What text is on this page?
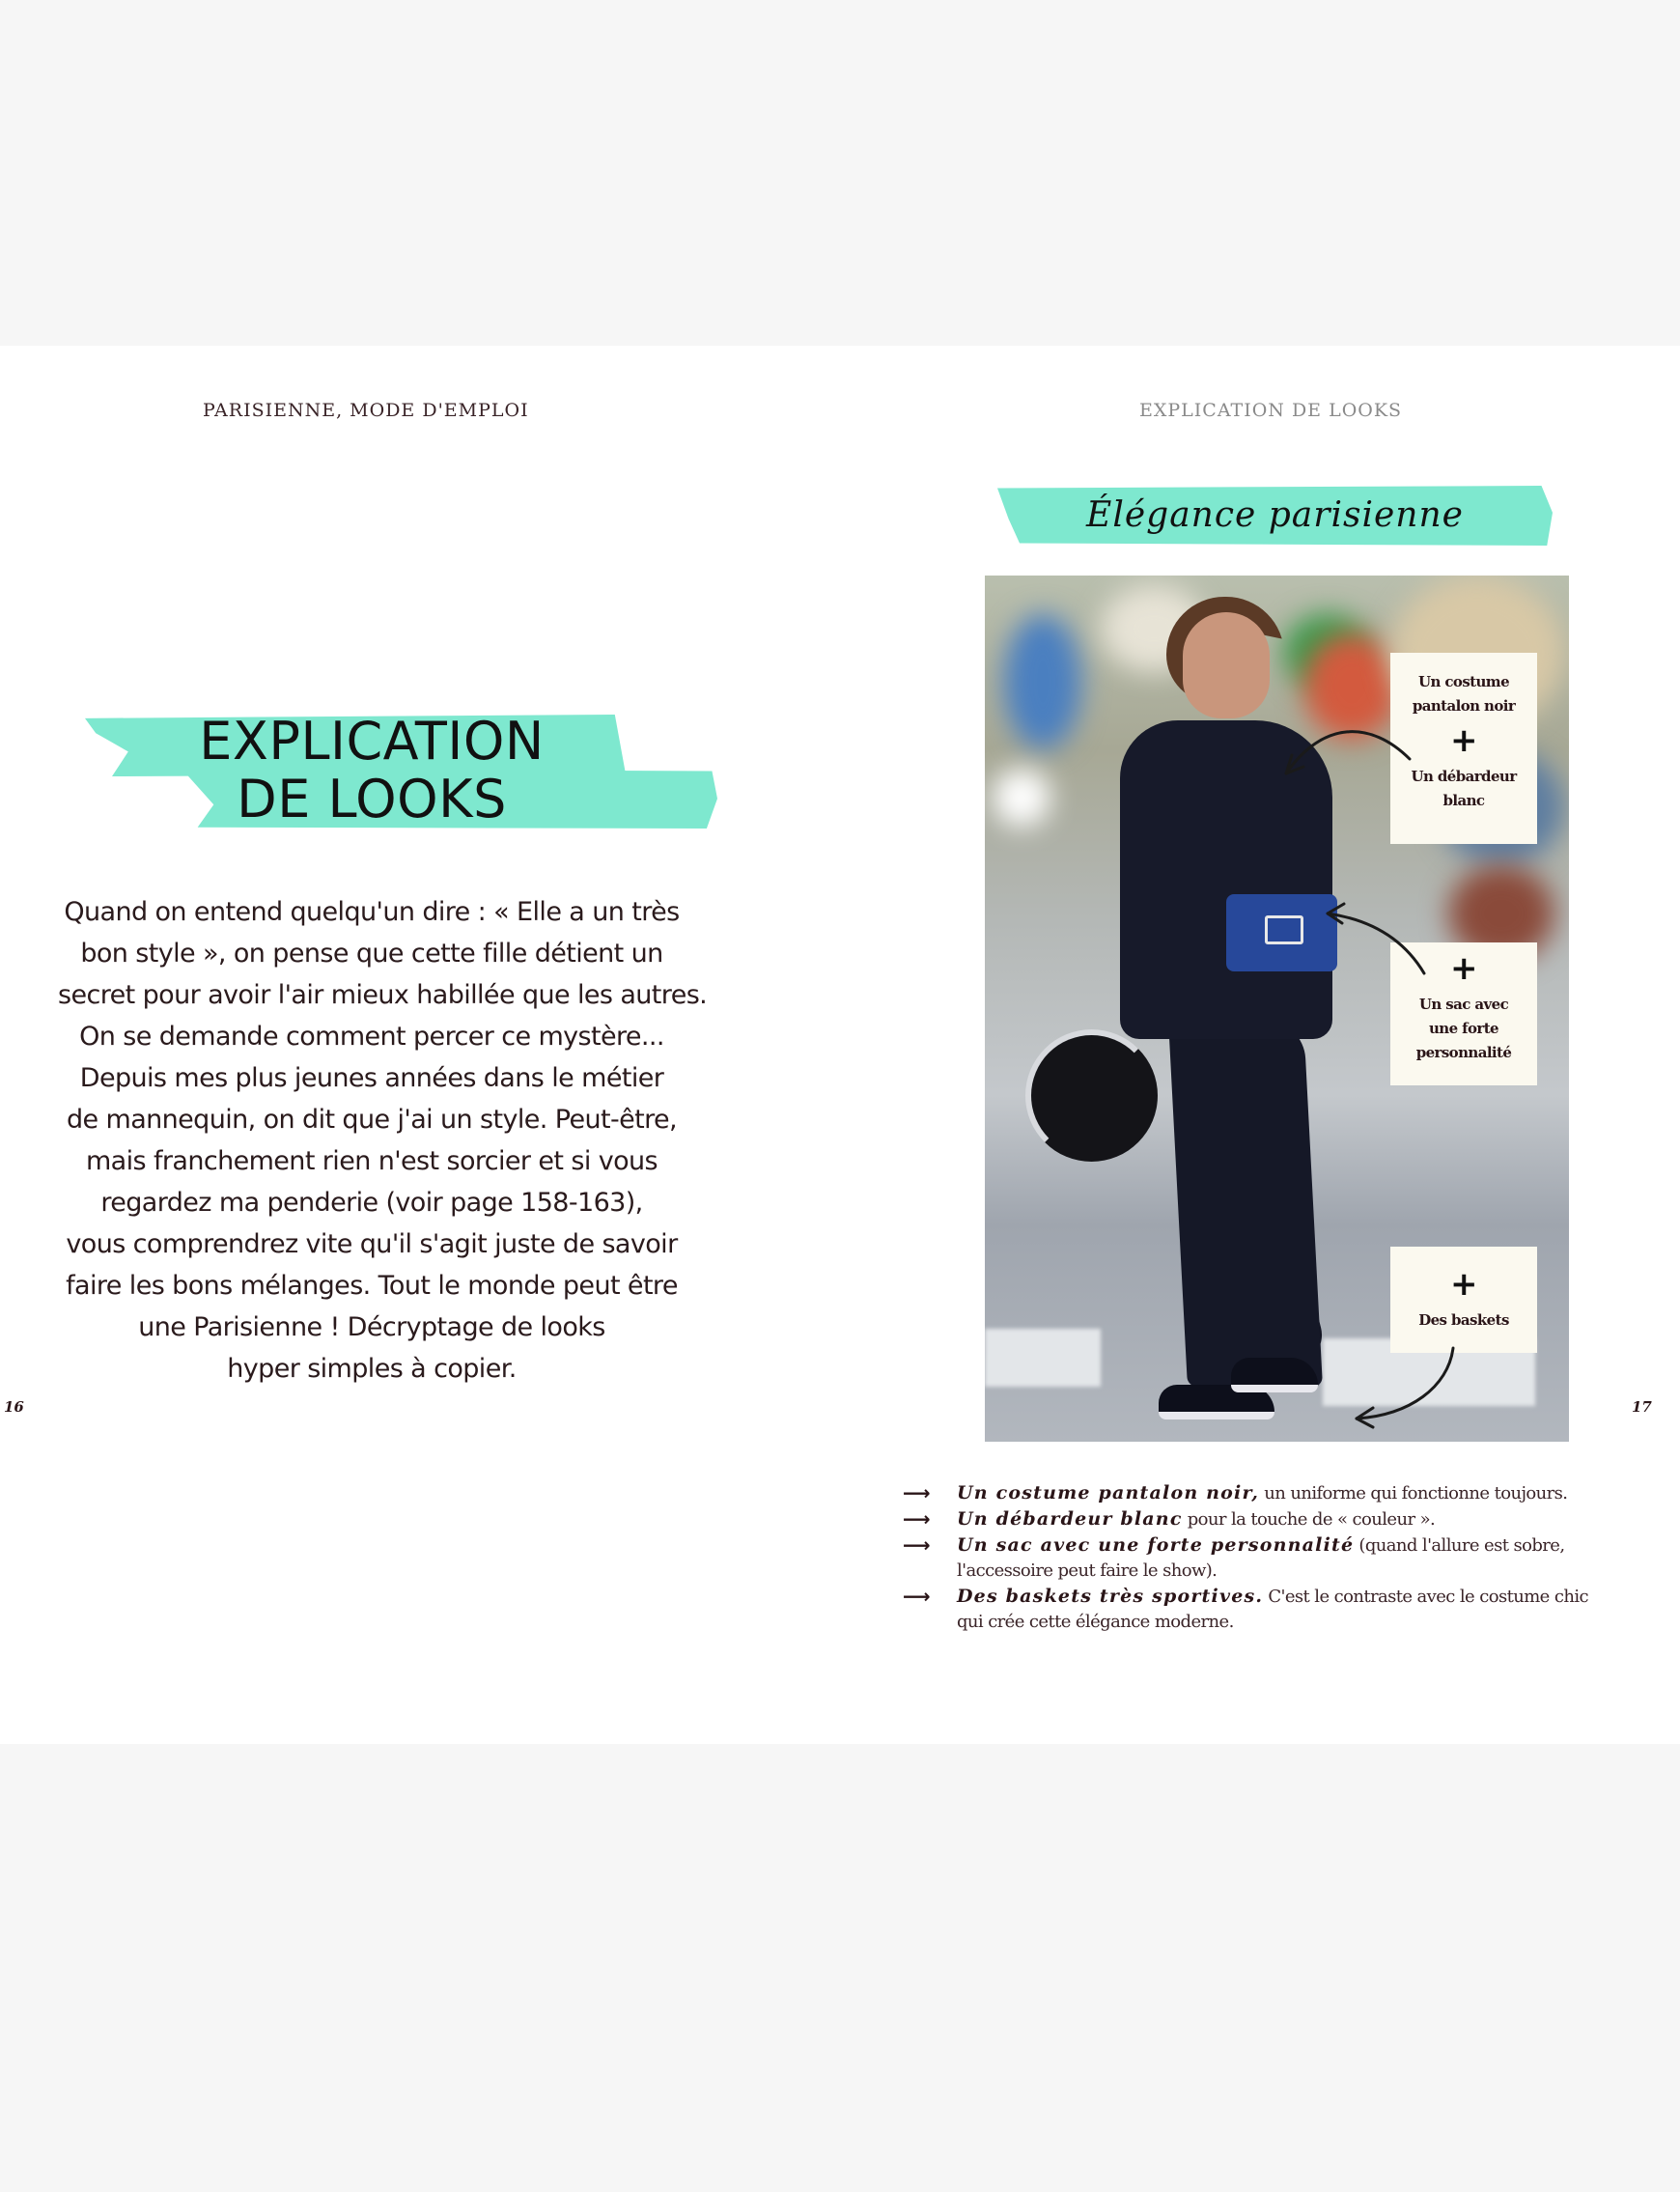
PARISIENNE, MODE D'EMPLOI
EXPLICATION
DE LOOKS
Quand on entend quelqu'un dire : « Elle a un très
bon style », on pense que cette fille détient un
secret pour avoir l'air mieux habillée que les autres.
On se demande comment percer ce mystère...
Depuis mes plus jeunes années dans le métier
de mannequin, on dit que j'ai un style. Peut-être,
mais franchement rien n'est sorcier et si vous
regardez ma penderie (voir page 158-163),
vous comprendrez vite qu'il s'agit juste de savoir
faire les bons mélanges. Tout le monde peut être
une Parisienne ! Décryptage de looks
hyper simples à copier.
16
EXPLICATION DE LOOKS
Élégance parisienne
Un costume
pantalon noir
+
Un débardeur
blanc
+
Un sac avec
une forte
personnalité
+
Des baskets
⟶ Un costume pantalon noir, un uniforme qui fonctionne toujours.
⟶ Un débardeur blanc pour la touche de « couleur ».
⟶ Un sac avec une forte personnalité (quand l'allure est sobre, l'accessoire peut faire le show).
⟶ Des baskets très sportives. C'est le contraste avec le costume chic qui crée cette élégance moderne.
17
